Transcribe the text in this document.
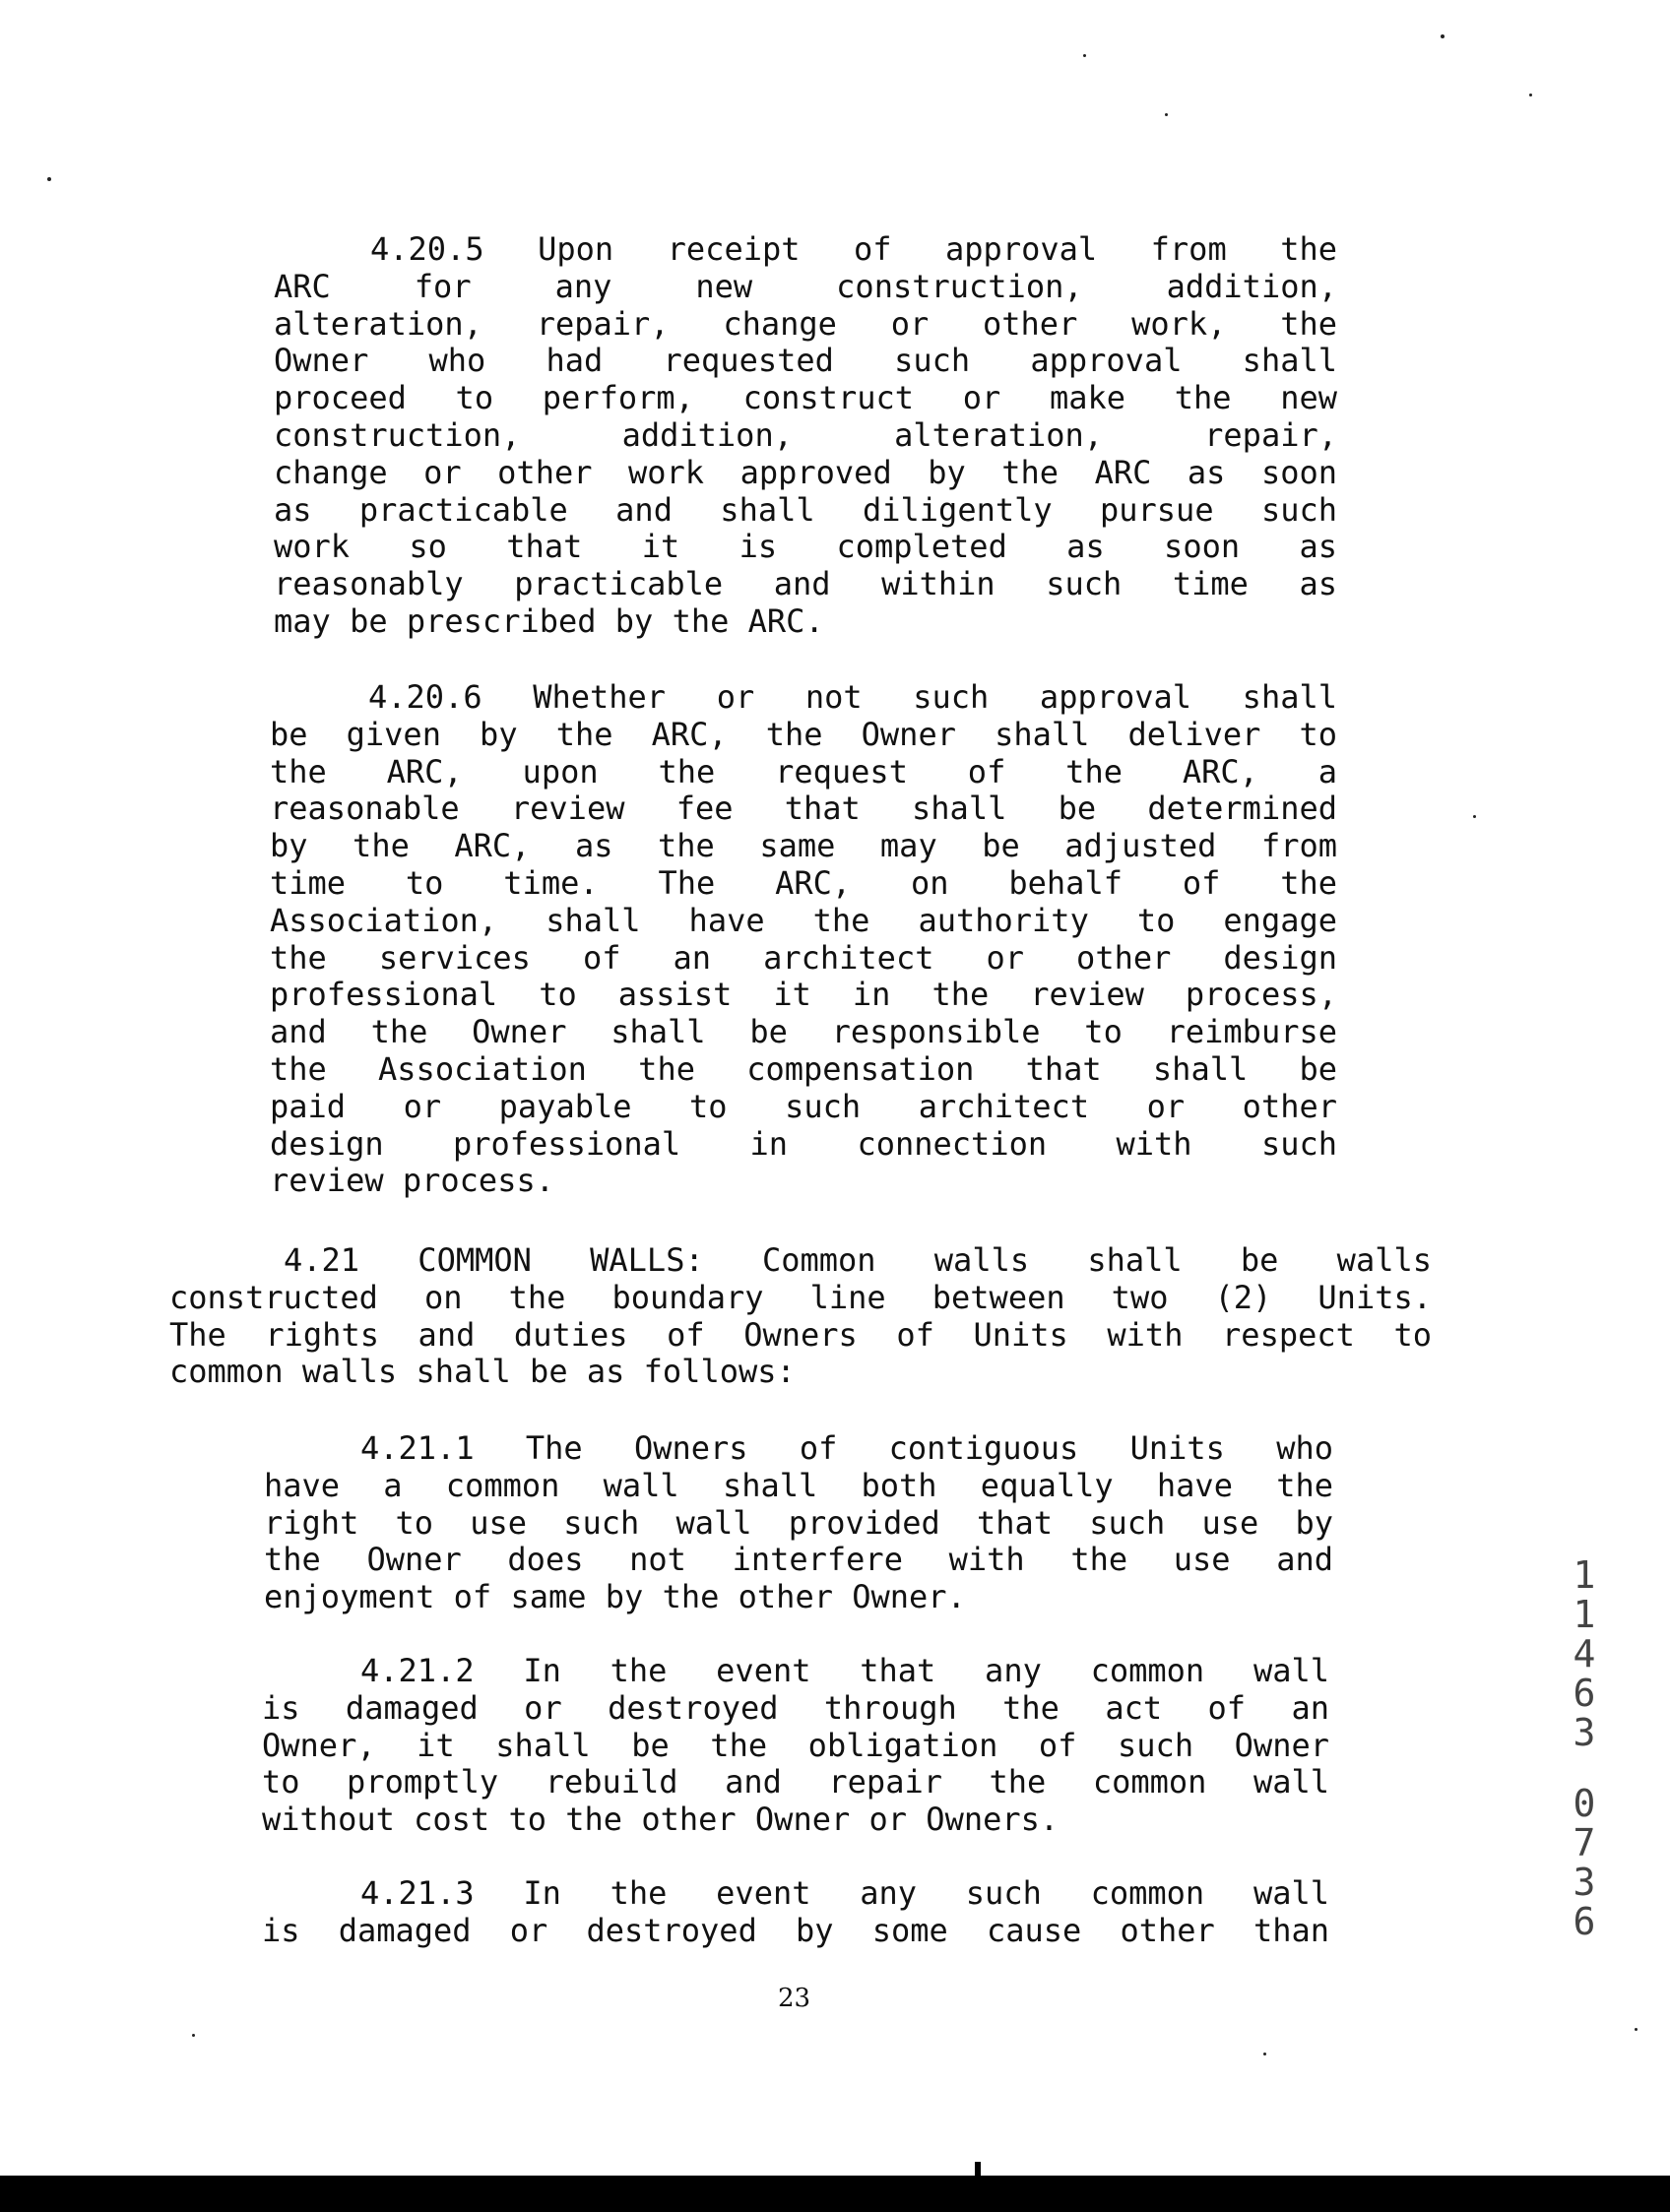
4.20.5 Upon receipt of approval from the
ARC for any new construction, addition,
alteration, repair, change or other work, the
Owner who had requested such approval shall
proceed to perform, construct or make the new
construction, addition, alteration, repair,
change or other work approved by the ARC as soon
as practicable and shall diligently pursue such
work so that it is completed as soon as
reasonably practicable and within such time as
may be prescribed by the ARC.
4.20.6 Whether or not such approval shall
be given by the ARC, the Owner shall deliver to
the ARC, upon the request of the ARC, a
reasonable review fee that shall be determined
by the ARC, as the same may be adjusted from
time to time. The ARC, on behalf of the
Association, shall have the authority to engage
the services of an architect or other design
professional to assist it in the review process,
and the Owner shall be responsible to reimburse
the Association the compensation that shall be
paid or payable to such architect or other
design professional in connection with such
review process.
4.21 COMMON WALLS: Common walls shall be walls
constructed on the boundary line between two (2) Units.
The rights and duties of Owners of Units with respect to
common walls shall be as follows:
4.21.1 The Owners of contiguous Units who
have a common wall shall both equally have the
right to use such wall provided that such use by
the Owner does not interfere with the use and
enjoyment of same by the other Owner.
4.21.2 In the event that any common wall
is damaged or destroyed through the act of an
Owner, it shall be the obligation of such Owner
to promptly rebuild and repair the common wall
without cost to the other Owner or Owners.
4.21.3 In the event any such common wall
is damaged or destroyed by some cause other than
1
1
4
6
3
0
7
3
6
23
